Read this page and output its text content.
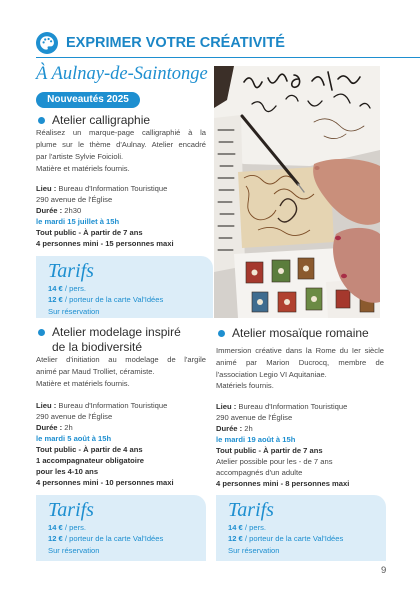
EXPRIMER VOTRE CRÉATIVITÉ
À Aulnay-de-Saintonge
Nouveautés 2025
Atelier calligraphie
Réalisez un marque-page calligraphié à la
plume sur le thème d'Aulnay. Atelier encadré
par l'artiste Sylvie Foicioli.
Matière et matériels fournis.
Lieu : Bureau d'Information Touristique
290 avenue de l'Église
Durée : 2h30
le mardi 15 juillet à 15h
Tout public - À partir de 7 ans
4 personnes mini - 15 personnes maxi
Tarifs
14 € / pers.
12 € / porteur de la carte Val'Idées
Sur réservation
Atelier modelage inspiré
de la biodiversité
Atelier d'initiation au modelage de l'argile
animé par Maud Trolliet, céramiste.
Matière et matériels fournis.
Lieu : Bureau d'Information Touristique
290 avenue de l'Église
Durée : 2h
le mardi 5 août à 15h
Tout public - À partir de 4 ans
1 accompagnateur obligatoire
pour les 4-10 ans
4 personnes mini - 10 personnes maxi
Tarifs
14 € / pers.
12 € / porteur de la carte Val'Idées
Sur réservation
Atelier mosaïque romaine
Immersion créative dans la Rome du Ier siècle
animé par Marion Ducrocq, membre de
l'association Legio VI Aquitaniae.
Matériels fournis.
Lieu : Bureau d'Information Touristique
290 avenue de l'Église
Durée : 2h
le mardi 19 août à 15h
Tout public - À partir de 7 ans
Atelier possible pour les - de 7 ans
accompagnés d'un adulte
4 personnes mini - 8 personnes maxi
Tarifs
14 € / pers.
12 € / porteur de la carte Val'Idées
Sur réservation
9
